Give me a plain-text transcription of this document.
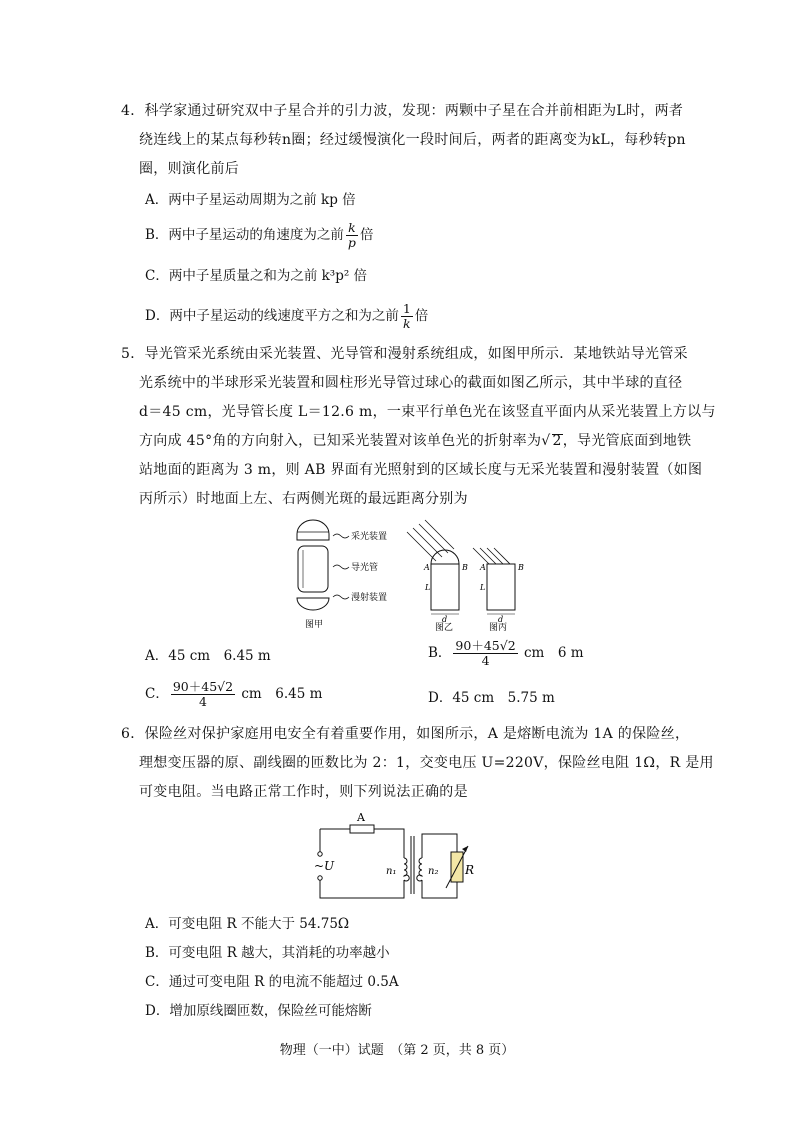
4．科学家通过研究双中子星合并的引力波，发现：两颗中子星在合并前相距为L时，两者
绕连线上的某点每秒转n圈；经过缓慢演化一段时间后，两者的距离变为kL，每秒转pn
圈，则演化前后
A．两中子星运动周期为之前 kp 倍
B．两中子星运动的角速度为之前 $\frac{k}{p}$ 倍
C．两中子星质量之和为之前 k³p² 倍
D．两中子星运动的线速度平方之和为之前 $\frac{1}{k}$ 倍
5．导光管采光系统由采光装置、光导管和漫射系统组成，如图甲所示．某地铁站导光管采
光系统中的半球形采光装置和圆柱形光导管过球心的截面如图乙所示，其中半球的直径
d＝45 cm，光导管长度 L＝12.6 m，一束平行单色光在该竖直平面内从采光装置上方以与
方向成 45°角的方向射入，已知采光装置对该单色光的折射率为√ 2，导光管底面到地铁
站地面的距离为 3 m，则 AB 界面有光照射到的区域长度与无采光装置和漫射装置（如图
丙所示）时地面上左、右两侧光斑的最远距离分别为
采光装置
导光管
漫射装置
图甲
A	B
L
d
图乙
A	B
L
d
图丙
A．45 cm　6.45 m	B． $\frac{90+45√2}{4}$ cm　6 m
C． $\frac{90+45√2}{4}$ cm　6.45 m	D．45 cm　5.75 m
6．保险丝对保护家庭用电安全有着重要作用，如图所示，A 是熔断电流为 1A 的保险丝，
理想变压器的原、副线圈的匝数比为 2：1，交变电压 U=220V，保险丝电阻 1Ω，R 是用
可变电阻。当电路正常工作时，则下列说法正确的是
A
~U	n₁	n₂ R
A．可变电阻 R 不能大于 54.75Ω
B．可变电阻 R 越大，其消耗的功率越小
C．通过可变电阻 R 的电流不能超过 0.5A
D．增加原线圈匝数，保险丝可能熔断
物理（一中）试题　（第 2 页，共 8 页）
